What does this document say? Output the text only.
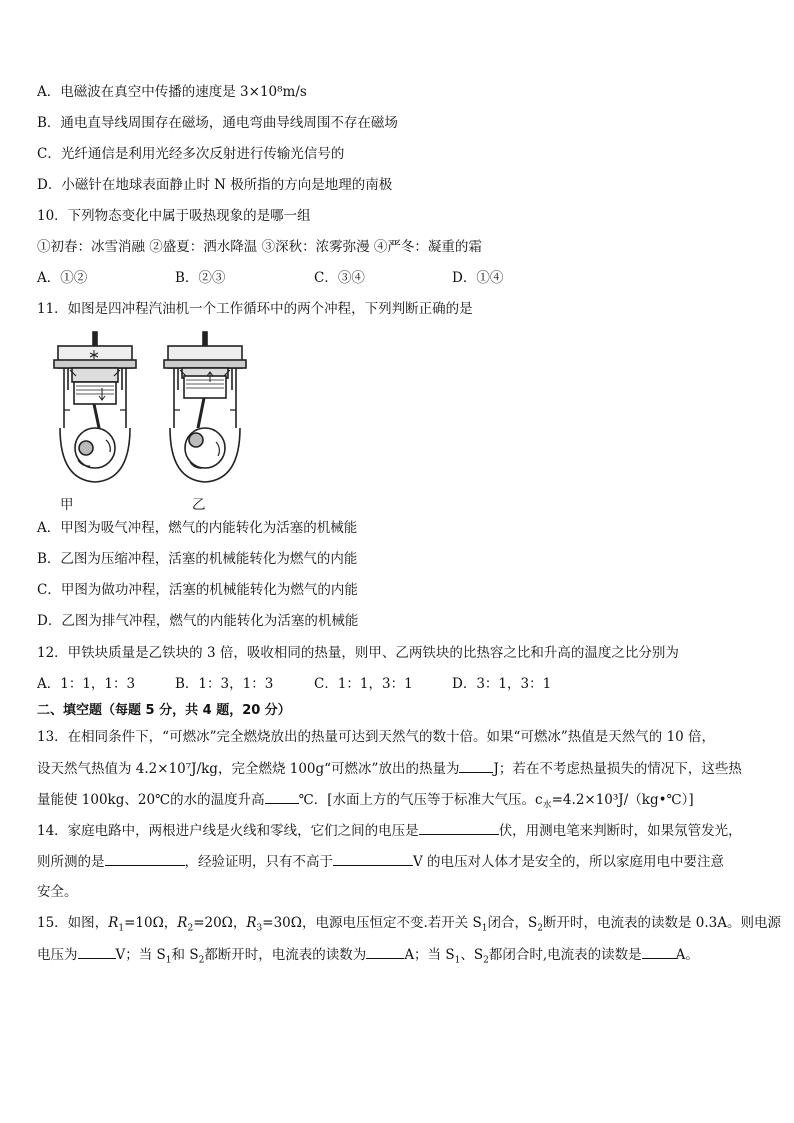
A．电磁波在真空中传播的速度是 3×10⁸m/s
B．通电直导线周围存在磁场，通电弯曲导线周围不存在磁场
C．光纤通信是利用光经多次反射进行传输光信号的
D．小磁针在地球表面静止时 N 极所指的方向是地理的南极
10．下列物态变化中属于吸热现象的是哪一组
①初春：冰雪消融 ②盛夏：洒水降温 ③深秋：浓雾弥漫 ④严冬：凝重的霜
A．①②	B．②③	C．③④	D．①④
11．如图是四冲程汽油机一个工作循环中的两个冲程，下列判断正确的是
甲	乙
A．甲图为吸气冲程，燃气的内能转化为活塞的机械能
B．乙图为压缩冲程，活塞的机械能转化为燃气的内能
C．甲图为做功冲程，活塞的机械能转化为燃气的内能
D．乙图为排气冲程，燃气的内能转化为活塞的机械能
12．甲铁块质量是乙铁块的 3 倍，吸收相同的热量，则甲、乙两铁块的比热容之比和升高的温度之比分别为
A．1：1，1：3	B．1：3，1：3	C．1：1，3：1	D．3：1，3：1
二、填空题（每题 5 分，共 4 题，20 分）
13．在相同条件下，“可燃冰”完全燃烧放出的热量可达到天然气的数十倍。如果“可燃冰”热值是天然气的 10 倍，
设天然气热值为 4.2×10⁷J/kg，完全燃烧 100g“可燃冰”放出的热量为	J；若在不考虑热量损失的情况下，这些热
量能使 100kg、20℃的水的温度升高	℃．[水面上方的气压等于标准大气压。$c_水=4.2\times 10^3J/(kg•℃)$]
14．家庭电路中，两根进户线是火线和零线，它们之间的电压是	伏，用测电笔来判断时，如果氖管发光，
则所测的是	，经验证明，只有不高于	V 的电压对人体才是安全的，所以家庭用电中要注意
安全。
15．如图，$R_1=10\Omega$，$R_2=20\Omega$，$R_3=30\Omega$，电源电压恒定不变.若开关 $S_1$闭合，$S_2$断开时，电流表的读数是 0.3A。则电源
电压为	V；当 $S_1$和 $S_2$都断开时，电流表的读数为	A；当 $S_1$、$S_2$都闭合时,电流表的读数是	A。
